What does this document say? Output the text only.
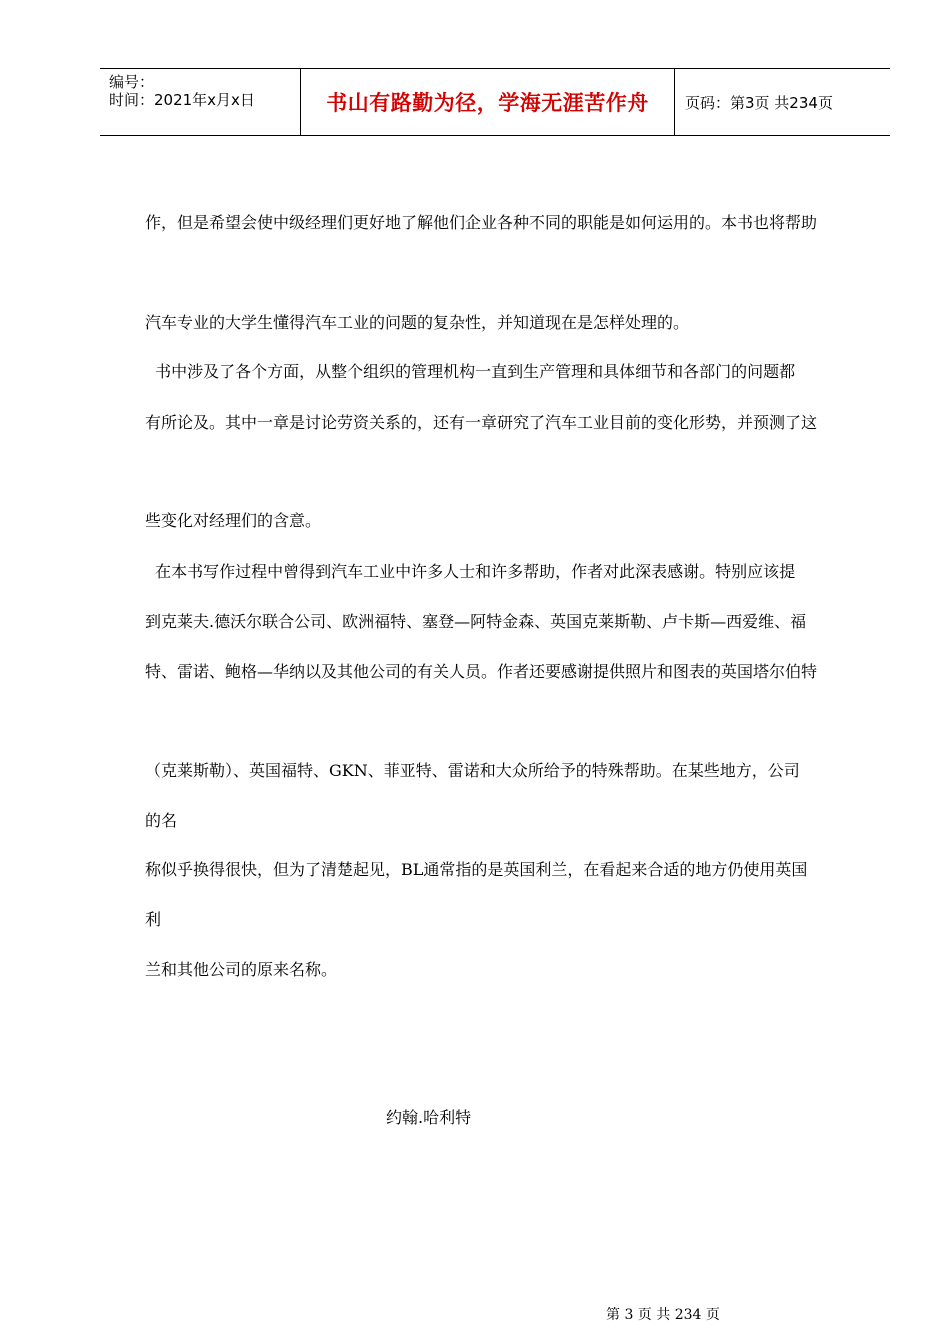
编号：
时间：2021年x月x日	书山有路勤为径，学海无涯苦作舟	页码：第3页 共234页
作，但是希望会使中级经理们更好地了解他们企业各种不同的职能是如何运用的。本书也将帮助
汽车专业的大学生懂得汽车工业的问题的复杂性，并知道现在是怎样处理的。
书中涉及了各个方面，从整个组织的管理机构一直到生产管理和具体细节和各部门的问题都
有所论及。其中一章是讨论劳资关系的，还有一章研究了汽车工业目前的变化形势，并预测了这
些变化对经理们的含意。
在本书写作过程中曾得到汽车工业中许多人士和许多帮助，作者对此深表感谢。特别应该提
到克莱夫.德沃尔联合公司、欧洲福特、塞登—阿特金森、英国克莱斯勒、卢卡斯—西爱维、福
特、雷诺、鲍格—华纳以及其他公司的有关人员。作者还要感谢提供照片和图表的英国塔尔伯特
（克莱斯勒）、英国福特、GKN、菲亚特、雷诺和大众所给予的特殊帮助。在某些地方，公司
的名
称似乎换得很快，但为了清楚起见，BL通常指的是英国利兰，在看起来合适的地方仍使用英国
利
兰和其他公司的原来名称。
约翰.哈利特
第 3 页 共 234 页
